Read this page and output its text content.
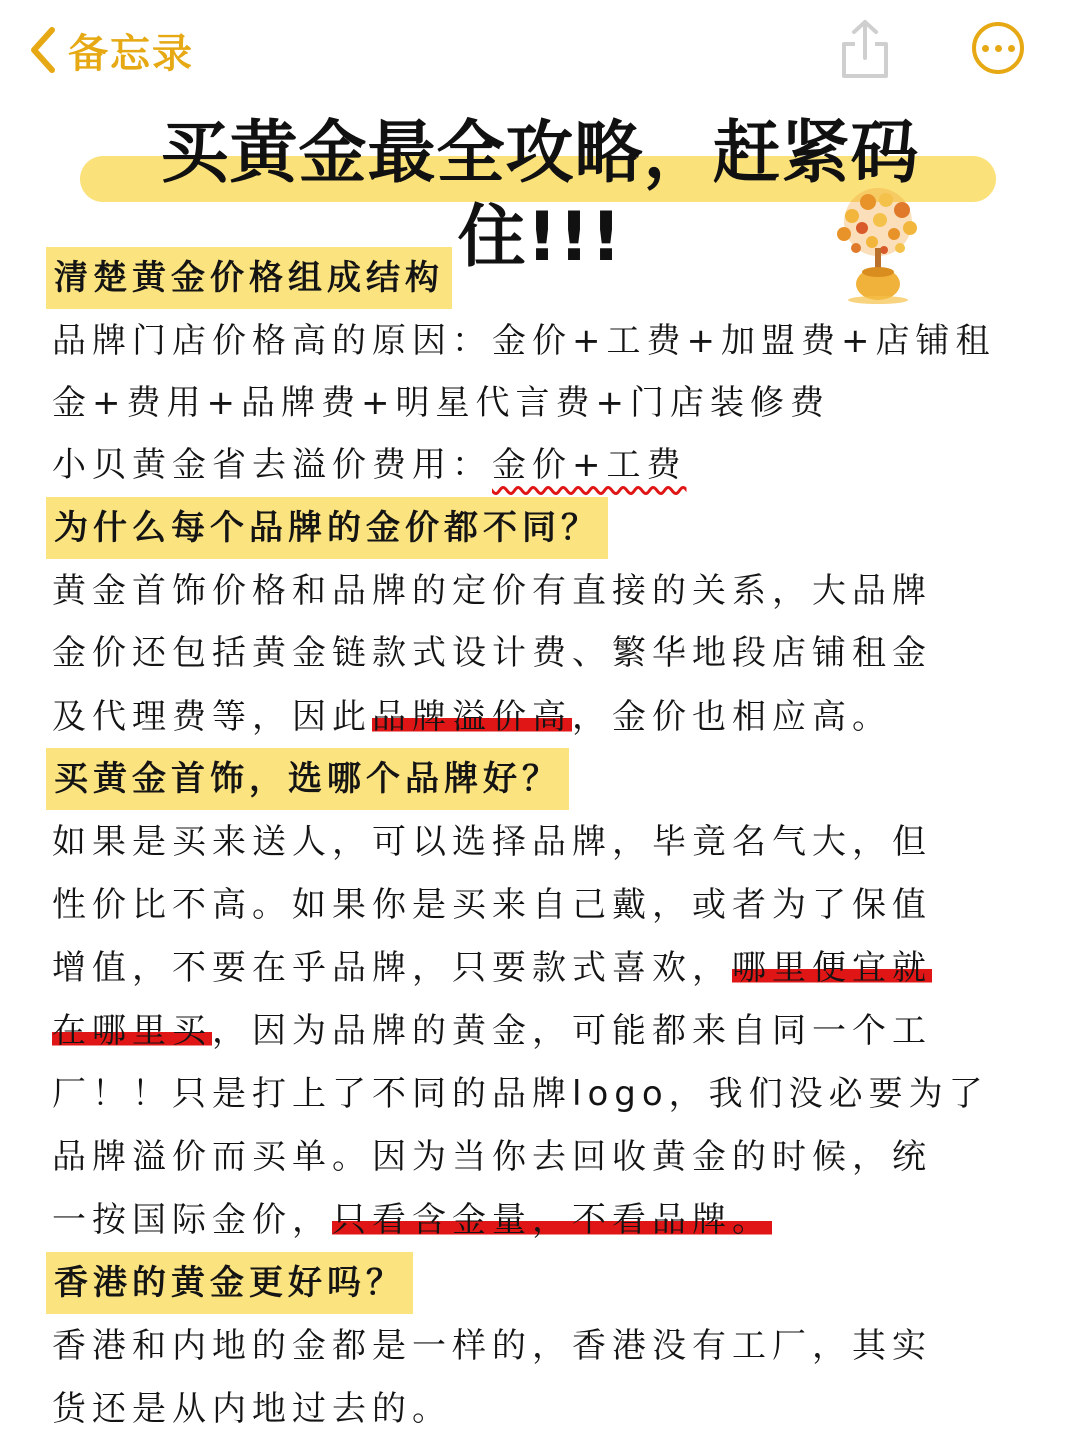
备忘录
买黄金最全攻略，赶紧码住!!!
清楚黄金价格组成结构
品牌门店价格高的原因：金价+工费+加盟费+店铺租
金+费用+品牌费+明星代言费+门店装修费
小贝黄金省去溢价费用：金价+工费
为什么每个品牌的金价都不同？
黄金首饰价格和品牌的定价有直接的关系，大品牌
金价还包括黄金链款式设计费、繁华地段店铺租金
及代理费等，因此品牌溢价高，金价也相应高。
买黄金首饰，选哪个品牌好？
如果是买来送人，可以选择品牌，毕竟名气大，但
性价比不高。如果你是买来自己戴，或者为了保值
增值，不要在乎品牌，只要款式喜欢，哪里便宜就
在哪里买，因为品牌的黄金，可能都来自同一个工
厂！！只是打上了不同的品牌logo，我们没必要为了
品牌溢价而买单。因为当你去回收黄金的时候，统
一按国际金价，只看含金量，不看品牌。
香港的黄金更好吗？
香港和内地的金都是一样的，香港没有工厂，其实
货还是从内地过去的。
